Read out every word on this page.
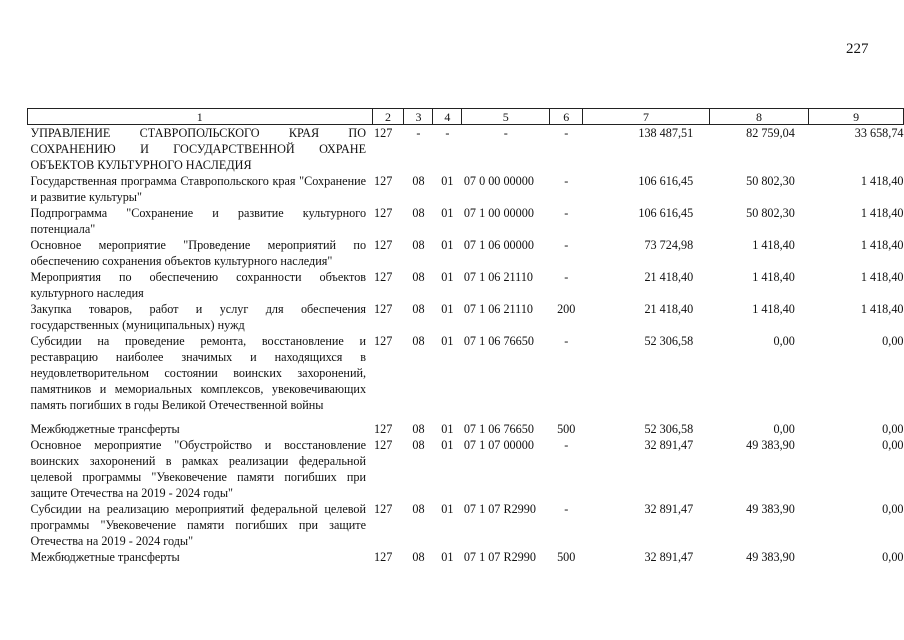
227
1	2	3	4	5	6	7	8	9
УПРАВЛЕНИЕ СТАВРОПОЛЬСКОГО КРАЯ ПО СОХРАНЕНИЮ И ГОСУДАРСТВЕННОЙ ОХРАНЕ ОБЪЕКТОВ КУЛЬТУРНОГО НАСЛЕДИЯ	127	-	-	-	-	138 487,51	82 759,04	33 658,74
Государственная программа Ставропольского края "Сохранение и развитие культуры"	127	08	01	07 0 00 00000	-	106 616,45	50 802,30	1 418,40
Подпрограмма "Сохранение и развитие культурного потенциала"	127	08	01	07 1 00 00000	-	106 616,45	50 802,30	1 418,40
Основное мероприятие "Проведение мероприятий по обеспечению сохранения объектов культурного наследия"	127	08	01	07 1 06 00000	-	73 724,98	1 418,40	1 418,40
Мероприятия по обеспечению сохранности объектов культурного наследия	127	08	01	07 1 06 21110	-	21 418,40	1 418,40	1 418,40
Закупка товаров, работ и услуг для обеспечения государственных (муниципальных) нужд	127	08	01	07 1 06 21110	200	21 418,40	1 418,40	1 418,40
Субсидии на проведение ремонта, восстановление и реставрацию наиболее значимых и находящихся в неудовлетворительном состоянии воинских захоронений, памятников и мемориальных комплексов, увековечивающих память погибших в годы Великой Отечественной войны	127	08	01	07 1 06 76650	-	52 306,58	0,00	0,00

Межбюджетные трансферты	127	08	01	07 1 06 76650	500	52 306,58	0,00	0,00
Основное мероприятие "Обустройство и восстановление воинских захоронений в рамках реализации федеральной целевой программы "Увековечение памяти погибших при защите Отечества на 2019 - 2024 годы"	127	08	01	07 1 07 00000	-	32 891,47	49 383,90	0,00
Субсидии на реализацию мероприятий федеральной целевой программы "Увековечение памяти погибших при защите Отечества на 2019 - 2024 годы"	127	08	01	07 1 07 R2990	-	32 891,47	49 383,90	0,00
Межбюджетные трансферты	127	08	01	07 1 07 R2990	500	32 891,47	49 383,90	0,00
